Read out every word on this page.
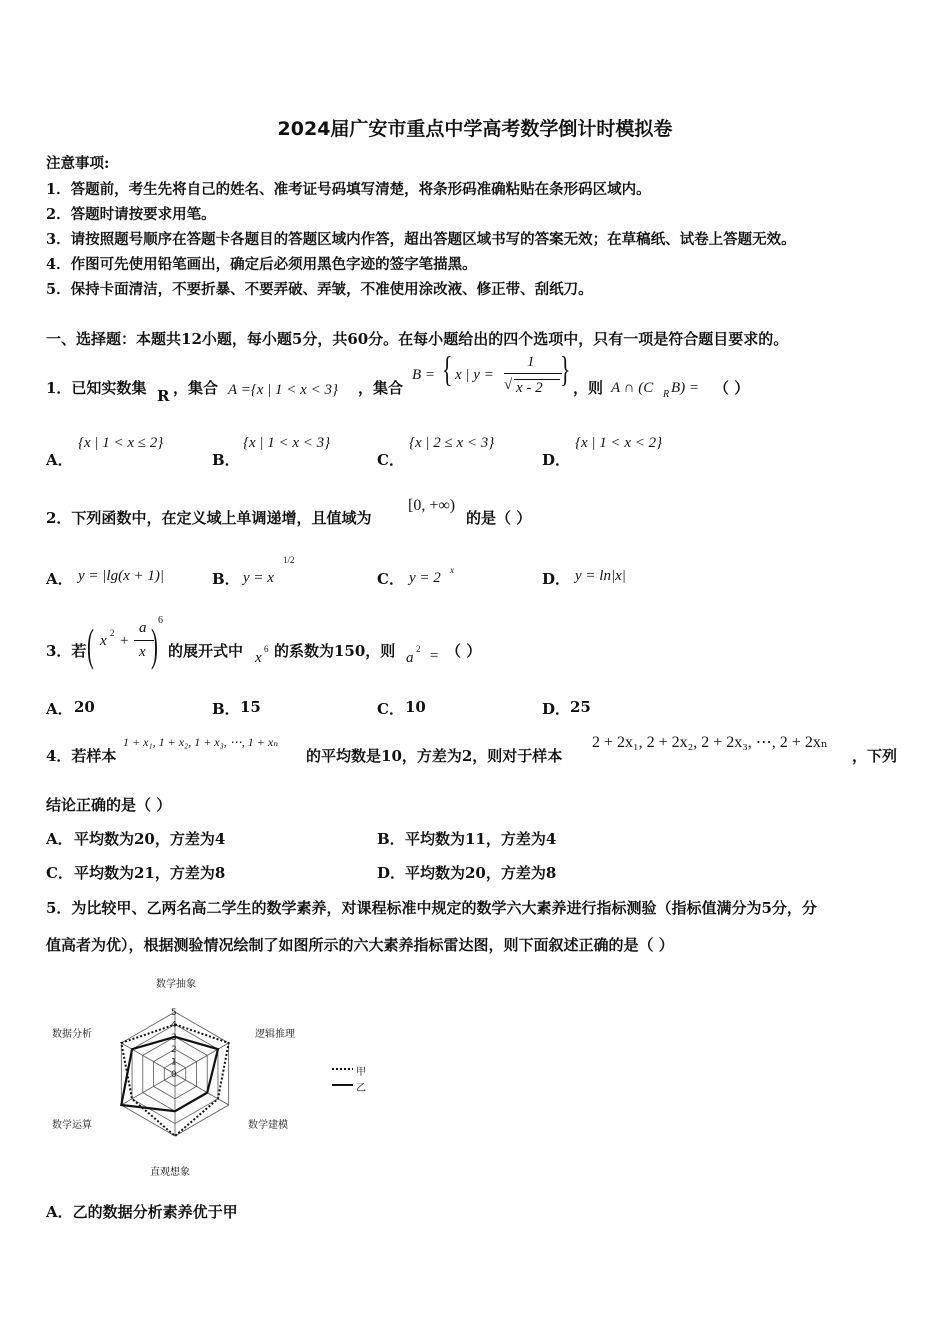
2024届广安市重点中学高考数学倒计时模拟卷
注意事项:
1．答题前，考生先将自己的姓名、准考证号码填写清楚，将条形码准确粘贴在条形码区域内。
2．答题时请按要求用笔。
3．请按照题号顺序在答题卡各题目的答题区域内作答，超出答题区域书写的答案无效；在草稿纸、试卷上答题无效。
4．作图可先使用铅笔画出，确定后必须用黑色字迹的签字笔描黑。
5．保持卡面清洁，不要折暴、不要弄破、弄皱，不准使用涂改液、修正带、刮纸刀。
一、选择题：本题共12小题，每小题5分，共60分。在每小题给出的四个选项中，只有一项是符合题目要求的。
1．已知实数集 R ，集合 A ={x | 1 < x < 3} ，集合
B = { x | y =
1
√ x - 2 } ，则 A ∩ (C R B) = （ ）
A．
{x | 1 < x ≤ 2}
B．
{x | 1 < x < 3}
C．
{x | 2 ≤ x < 3}
D．
{x | 1 < x < 2}
2．下列函数中，在定义域上单调递增，且值域为
[0, +∞)
的是（ ）
A． y = |lg(x + 1)|	B． y = x
1/2
C． y = 2 x	D． y = ln|x|
3．若 ( x 2 +
a
x ) 6
的展开式中 x
6 的系数为150，则 a
2 = （ ）
A． 20	B． 15	C． 10	D． 25
4．若样本
1 + x₁, 1 + x₂, 1 + x₃, ⋯, 1 + xₙ
的平均数是10，方差为2，则对于样本
2 + 2x₁, 2 + 2x₂, 2 + 2x₃, ⋯, 2 + 2xₙ
，下列
结论正确的是（ ）
A． 平均数为20，方差为4	B． 平均数为11，方差为4
C． 平均数为21，方差为8	D． 平均数为20，方差为8
5．为比较甲、乙两名高二学生的数学素养，对课程标准中规定的数学六大素养进行指标测验（指标值满分为5分，分
值高者为优），根据测验情况绘制了如图所示的六大素养指标雷达图，则下面叙述正确的是（ ）
0
1
2
3
4
5
数学抽象
逻辑推理
数学建模
直观想象
数学运算
数据分析
甲
乙
A．乙的数据分析素养优于甲
